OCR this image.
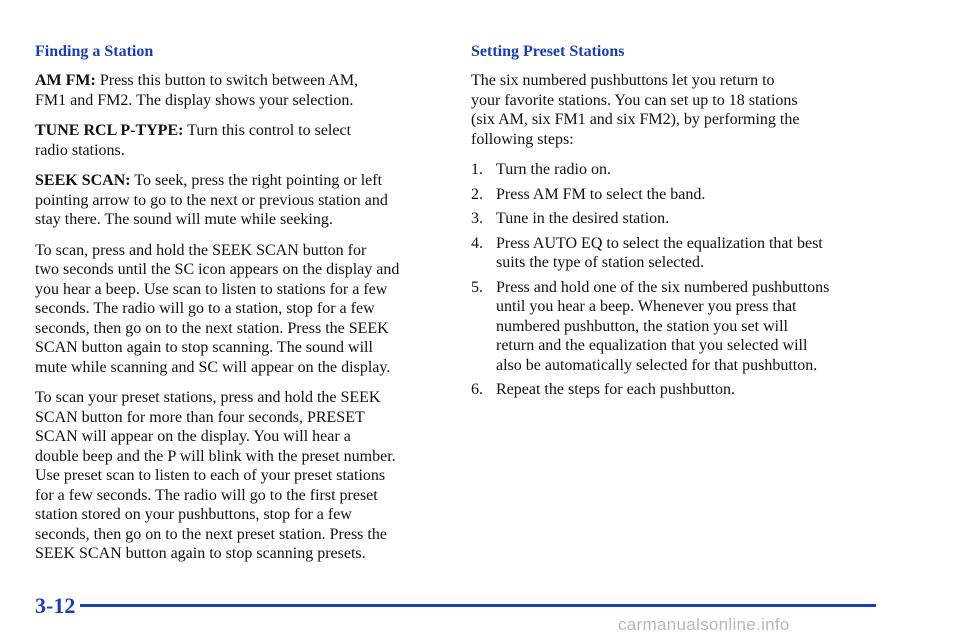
Finding a Station

AM FM: Press this button to switch between AM,
FM1 and FM2. The display shows your selection.

TUNE RCL P-TYPE: Turn this control to select
radio stations.

SEEK SCAN: To seek, press the right pointing or left
pointing arrow to go to the next or previous station and
stay there. The sound will mute while seeking.

To scan, press and hold the SEEK SCAN button for
two seconds until the SC icon appears on the display and
you hear a beep. Use scan to listen to stations for a few
seconds. The radio will go to a station, stop for a few
seconds, then go on to the next station. Press the SEEK
SCAN button again to stop scanning. The sound will
mute while scanning and SC will appear on the display.

To scan your preset stations, press and hold the SEEK
SCAN button for more than four seconds, PRESET
SCAN will appear on the display. You will hear a
double beep and the P will blink with the preset number.
Use preset scan to listen to each of your preset stations
for a few seconds. The radio will go to the first preset
station stored on your pushbuttons, stop for a few
seconds, then go on to the next preset station. Press the
SEEK SCAN button again to stop scanning presets.

Setting Preset Stations

The six numbered pushbuttons let you return to
your favorite stations. You can set up to 18 stations
(six AM, six FM1 and six FM2), by performing the
following steps:

1. Turn the radio on.
2. Press AM FM to select the band.
3. Tune in the desired station.
4. Press AUTO EQ to select the equalization that best
suits the type of station selected.
5. Press and hold one of the six numbered pushbuttons
until you hear a beep. Whenever you press that
numbered pushbutton, the station you set will
return and the equalization that you selected will
also be automatically selected for that pushbutton.
6. Repeat the steps for each pushbutton.
3-12
carmanualsonline.info
